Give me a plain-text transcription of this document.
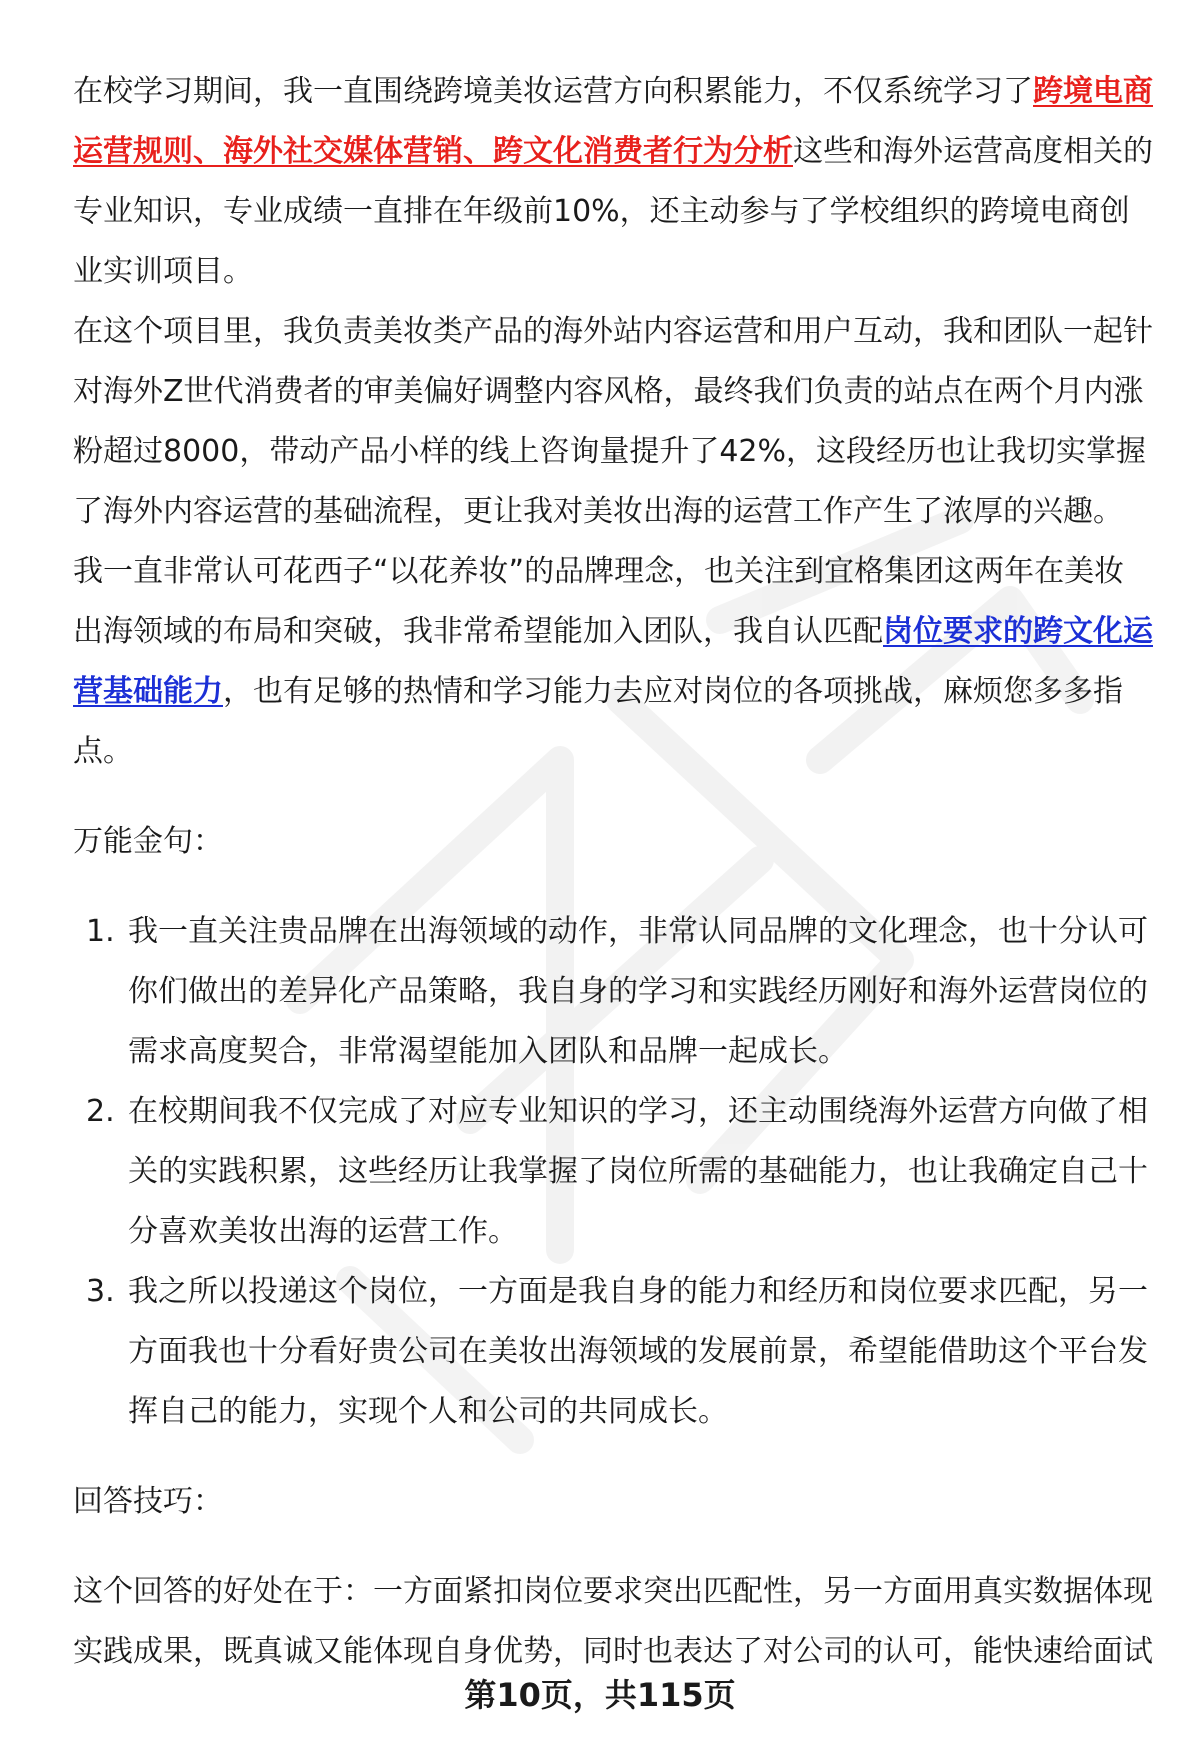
在校学习期间，我一直围绕跨境美妆运营方向积累能力，不仅系统学习了跨境电商运营规则、海外社交媒体营销、跨文化消费者行为分析这些和海外运营高度相关的专业知识，专业成绩一直排在年级前10%，还主动参与了学校组织的跨境电商创业实训项目。

在这个项目里，我负责美妆类产品的海外站内容运营和用户互动，我和团队一起针对海外Z世代消费者的审美偏好调整内容风格，最终我们负责的站点在两个月内涨粉超过8000，带动产品小样的线上咨询量提升了42%，这段经历也让我切实掌握了海外内容运营的基础流程，更让我对美妆出海的运营工作产生了浓厚的兴趣。

我一直非常认可花西子“以花养妆”的品牌理念，也关注到宜格集团这两年在美妆出海领域的布局和突破，我非常希望能加入团队，我自认匹配岗位要求的跨文化运营基础能力，也有足够的热情和学习能力去应对岗位的各项挑战，麻烦您多多指点。

万能金句：

1. 我一直关注贵品牌在出海领域的动作，非常认同品牌的文化理念，也十分认可你们做出的差异化产品策略，我自身的学习和实践经历刚好和海外运营岗位的需求高度契合，非常渴望能加入团队和品牌一起成长。
2. 在校期间我不仅完成了对应专业知识的学习，还主动围绕海外运营方向做了相关的实践积累，这些经历让我掌握了岗位所需的基础能力，也让我确定自己十分喜欢美妆出海的运营工作。
3. 我之所以投递这个岗位，一方面是我自身的能力和经历和岗位要求匹配，另一方面我也十分看好贵公司在美妆出海领域的发展前景，希望能借助这个平台发挥自己的能力，实现个人和公司的共同成长。

回答技巧：

这个回答的好处在于：一方面紧扣岗位要求突出匹配性，另一方面用真实数据体现实践成果，既真诚又能体现自身优势，同时也表达了对公司的认可，能快速给面试

第10页，共115页
